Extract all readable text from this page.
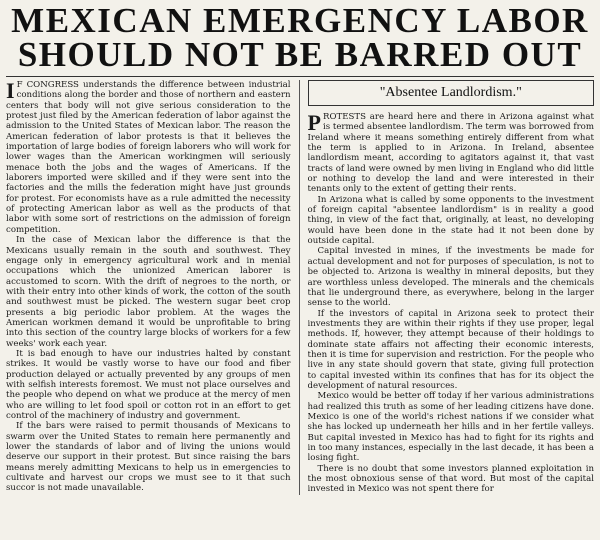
MEXICAN EMERGENCY LABOR
SHOULD NOT BE BARRED OUT

I F CONGRESS understands the difference between industrial conditions along the border and those of northern and eastern centers that body will not give serious consideration to the protest just filed by the American federation of labor against the admission to the United States of Mexican labor. The reason the American federation of labor protests is that it believes the importation of large bodies of foreign laborers who will work for lower wages than the American workingmen will seriously menace both the jobs and the wages of Americans. If the laborers imported were skilled and if they were sent into the factories and the mills the federation might have just grounds for protest. For economists have as a rule admitted the necessity of protecting American labor as well as the products of that labor with some sort of restrictions on the admission of foreign competition.

In the case of Mexican labor the difference is that the Mexicans usually remain in the south and southwest. They engage only in emergency agricultural work and in menial occupations which the unionized American laborer is accustomed to scorn. With the drift of negroes to the north, or with their entry into other kinds of work, the cotton of the south and southwest must be picked. The western sugar beet crop presents a big periodic labor problem. At the wages the American workmen demand it would be unprofitable to bring into this section of the country large blocks of workers for a few weeks' work each year.

It is bad enough to have our industries halted by constant strikes. It would be vastly worse to have our food and fiber production delayed or actually prevented by any groups of men with selfish interests foremost. We must not place ourselves and the people who depend on what we produce at the mercy of men who are willing to let food spoil or cotton rot in an effort to get control of the machinery of industry and government.

If the bars were raised to permit thousands of Mexicans to swarm over the United States to remain here permanently and lower the standards of labor and of living the unions would deserve our support in their protest. But since raising the bars means merely admitting Mexicans to help us in emergencies to cultivate and harvest our crops we must see to it that such succor is not made unavailable.

"Absentee Landlordism."

PROTESTS are heard here and there in Arizona against what is termed absentee landlordism. The term was borrowed from Ireland where it means something entirely different from what the term is applied to in Arizona. In Ireland, absentee landlordism meant, according to agitators against it, that vast tracts of land were owned by men living in England who did little or nothing to develop the land and were interested in their tenants only to the extent of getting their rents.

In Arizona what is called by some opponents to the investment of foreign capital "absentee landlordism" is in reality a good thing, in view of the fact that, originally, at least, no developing would have been done in the state had it not been done by outside capital.

Capital invested in mines, if the investments be made for actual development and not for purposes of speculation, is not to be objected to. Arizona is wealthy in mineral deposits, but they are worthless unless developed. The minerals and the chemicals that lie underground there, as everywhere, belong in the larger sense to the world.

If the investors of capital in Arizona seek to protect their investments they are within their rights if they use proper, legal methods. If, however, they attempt because of their holdings to dominate state affairs not affecting their economic interests, then it is time for supervision and restriction. For the people who live in any state should govern that state, giving full protection to capital invested within its confines that has for its object the development of natural resources.

Mexico would be better off today if her various administrations had realized this truth as some of her leading citizens have done. Mexico is one of the world's richest nations if we consider what she has locked up underneath her hills and in her fertile valleys. But capital invested in Mexico has had to fight for its rights and in too many instances, especially in the last decade, it has been a losing fight.

There is no doubt that some investors planned exploitation in the most obnoxious sense of that word. But most of the capital invested in Mexico was not spent there for
